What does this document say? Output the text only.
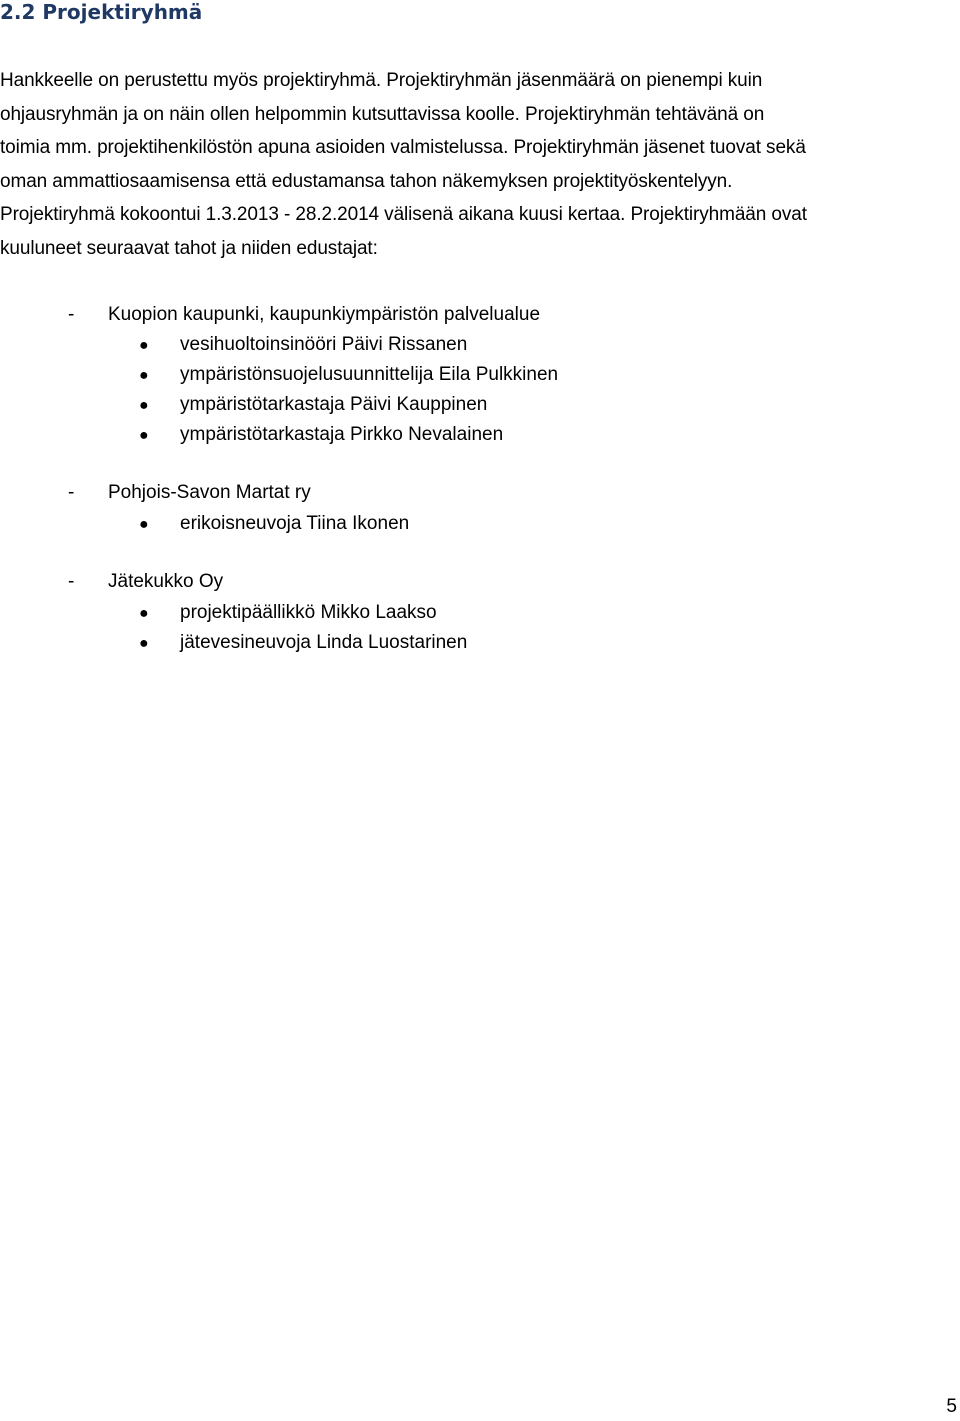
2.2 Projektiryhmä
Hankkeelle on perustettu myös projektiryhmä. Projektiryhmän jäsenmäärä on pienempi kuin
ohjausryhmän ja on näin ollen helpommin kutsuttavissa koolle. Projektiryhmän tehtävänä on
toimia mm. projektihenkilöstön apuna asioiden valmistelussa. Projektiryhmän jäsenet tuovat sekä
oman ammattiosaamisensa että edustamansa tahon näkemyksen projektityöskentelyyn.
Projektiryhmä kokoontui 1.3.2013 - 28.2.2014 välisenä aikana kuusi kertaa. Projektiryhmään ovat
kuuluneet seuraavat tahot ja niiden edustajat:
- Kuopion kaupunki, kaupunkiympäristön palvelualue
● vesihuoltoinsinööri Päivi Rissanen
● ympäristönsuojelusuunnittelija Eila Pulkkinen
● ympäristötarkastaja Päivi Kauppinen
● ympäristötarkastaja Pirkko Nevalainen
- Pohjois-Savon Martat ry
● erikoisneuvoja Tiina Ikonen
- Jätekukko Oy
● projektipäällikkö Mikko Laakso
● jätevesineuvoja Linda Luostarinen
5
